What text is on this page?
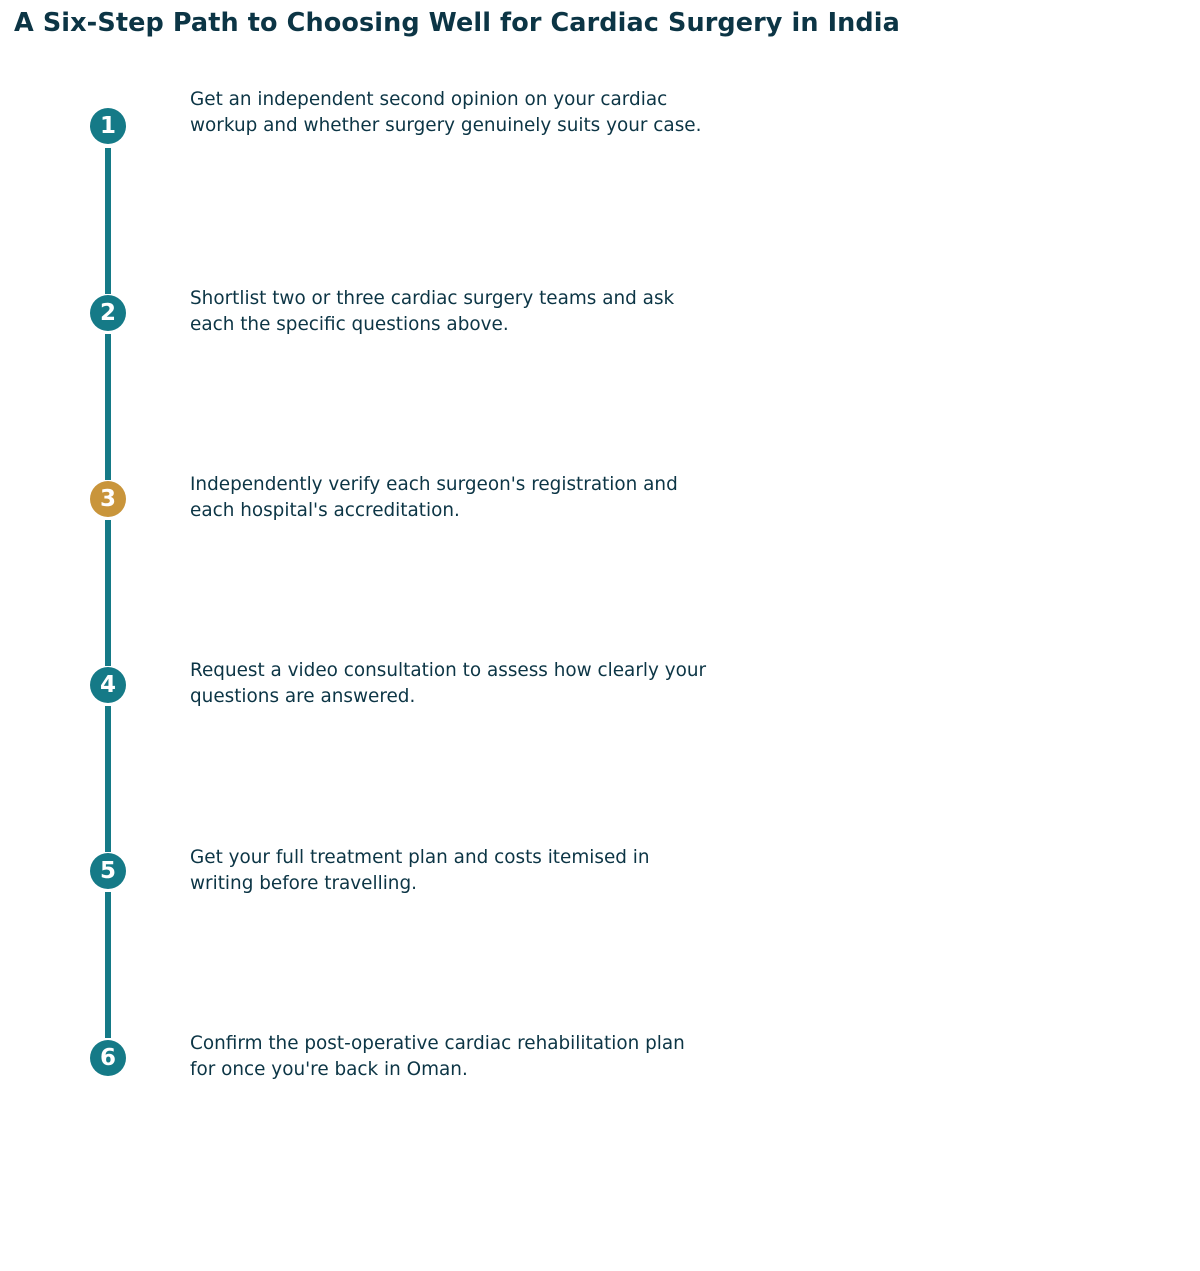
A Six-Step Path to Choosing Well for Cardiac Surgery in India
1

Get an independent second opinion on your cardiac workup and whether surgery genuinely suits your case.

2

Shortlist two or three cardiac surgery teams and ask each the specific questions above.

3

Independently verify each surgeon's registration and each hospital's accreditation.

4

Request a video consultation to assess how clearly your questions are answered.

5	Get your full treatment plan and costs itemised in writing before travelling.

6

Confirm the post-operative cardiac rehabilitation plan for once you're back in Oman.
